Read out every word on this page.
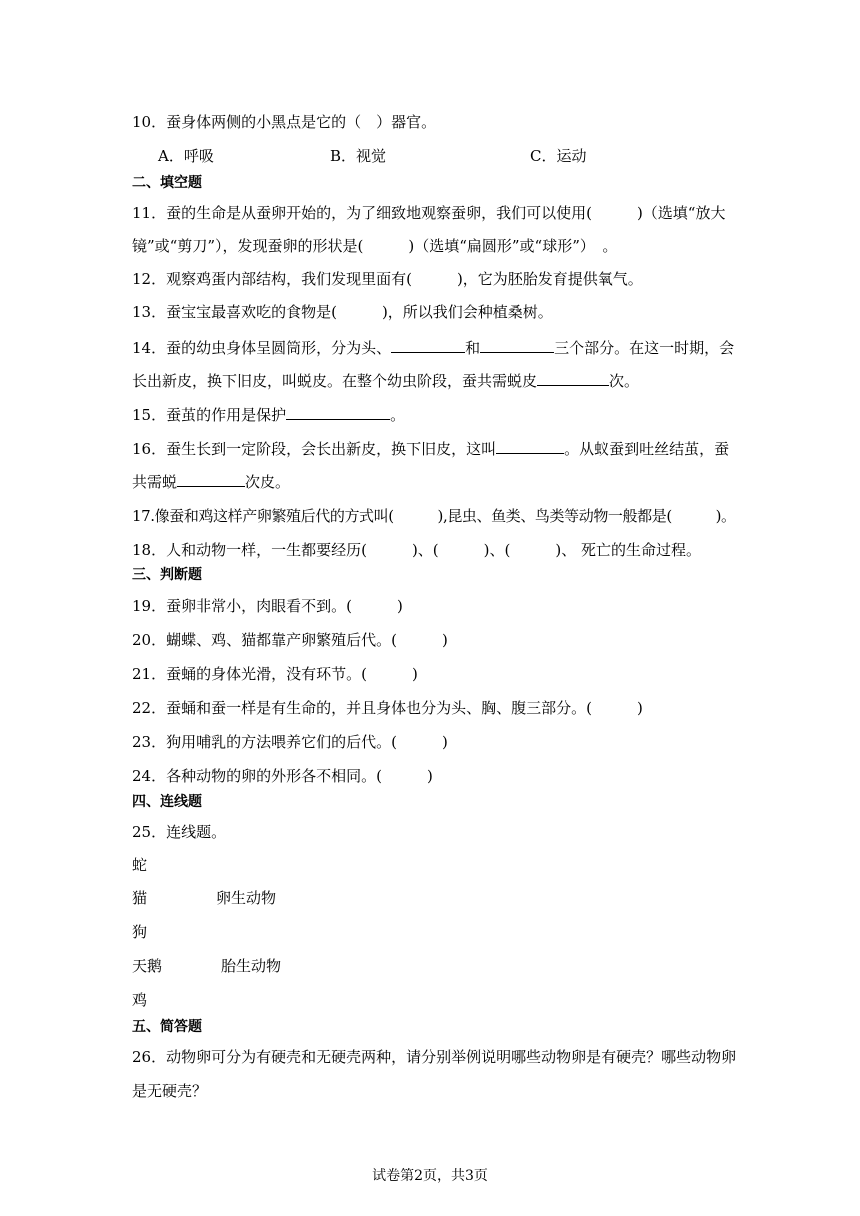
10．蚕身体两侧的小黑点是它的（　）器官。
A．呼吸	B．视觉	C．运动
二、填空题
11．蚕的生命是从蚕卵开始的，为了细致地观察蚕卵，我们可以使用(　　　)（选填“放大
镜”或“剪刀”），发现蚕卵的形状是(　　　)（选填“扁圆形”或“球形”）　。
12．观察鸡蛋内部结构，我们发现里面有(　　　)，它为胚胎发育提供氧气。
13．蚕宝宝最喜欢吃的食物是(　　　)，所以我们会种植桑树。
14．蚕的幼虫身体呈圆筒形，分为头、	和	三个部分。在这一时期，会
长出新皮，换下旧皮，叫蜕皮。在整个幼虫阶段，蚕共需蜕皮	次。
15．蚕茧的作用是保护	。
16．蚕生长到一定阶段，会长出新皮，换下旧皮，这叫	。从蚁蚕到吐丝结茧，蚕
共需蜕	次皮。
17.像蚕和鸡这样产卵繁殖后代的方式叫(　　　),昆虫、鱼类、鸟类等动物一般都是(　　　)。
18．人和动物一样，一生都要经历(　　　)、(　　　)、(　　　)、 死亡的生命过程。
三、判断题
19．蚕卵非常小，肉眼看不到。(　　　)
20．蝴蝶、鸡、猫都靠产卵繁殖后代。(　　　)
21．蚕蛹的身体光滑，没有环节。(　　　)
22．蚕蛹和蚕一样是有生命的，并且身体也分为头、胸、腹三部分。(　　　)
23．狗用哺乳的方法喂养它们的后代。(　　　)
24．各种动物的卵的外形各不相同。(　　　)
四、连线题
25．连线题。
蛇
猫	卵生动物
狗
天鹅	胎生动物
鸡
五、简答题
26．动物卵可分为有硬壳和无硬壳两种，请分别举例说明哪些动物卵是有硬壳？哪些动物卵
是无硬壳？
试卷第2页，共3页
